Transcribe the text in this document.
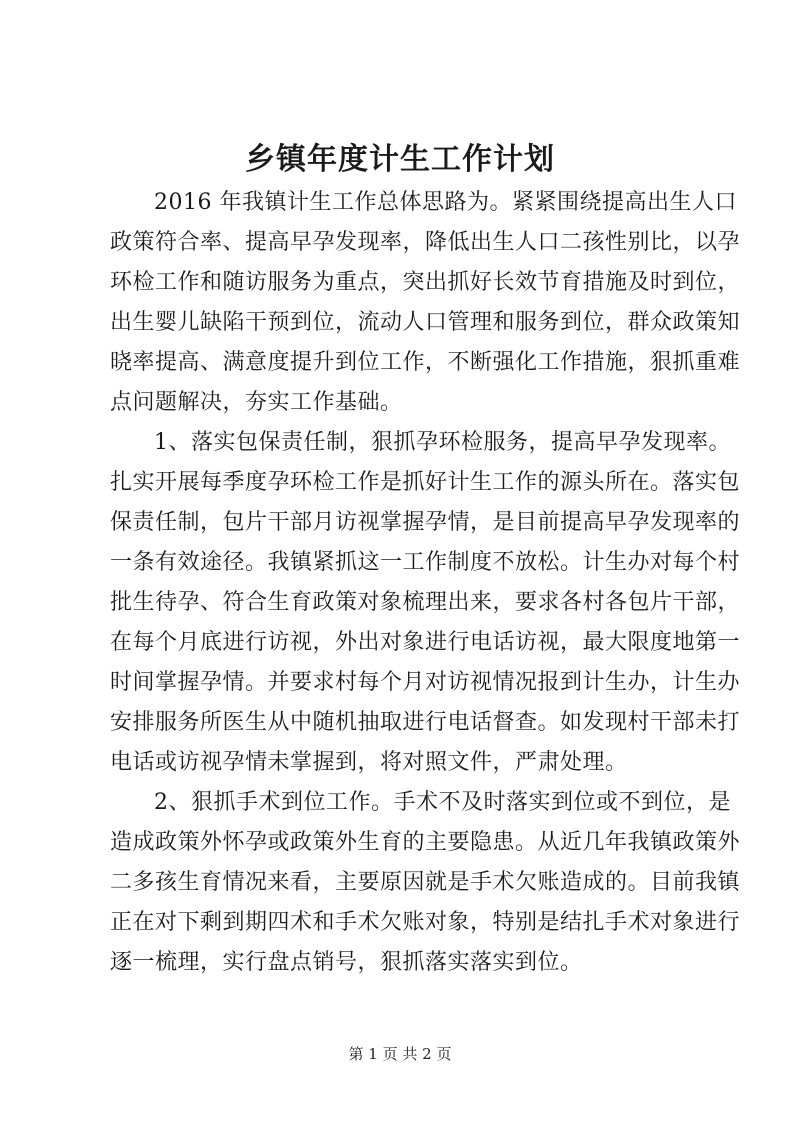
乡镇年度计生工作计划

2016 年我镇计生工作总体思路为。紧紧围绕提高出生人口
政策符合率、提高早孕发现率，降低出生人口二孩性别比，以孕
环检工作和随访服务为重点，突出抓好长效节育措施及时到位，
出生婴儿缺陷干预到位，流动人口管理和服务到位，群众政策知
晓率提高、满意度提升到位工作，不断强化工作措施，狠抓重难
点问题解决，夯实工作基础。

1、落实包保责任制，狠抓孕环检服务，提高早孕发现率。
扎实开展每季度孕环检工作是抓好计生工作的源头所在。落实包
保责任制，包片干部月访视掌握孕情，是目前提高早孕发现率的
一条有效途径。我镇紧抓这一工作制度不放松。计生办对每个村
批生待孕、符合生育政策对象梳理出来，要求各村各包片干部，
在每个月底进行访视，外出对象进行电话访视，最大限度地第一
时间掌握孕情。并要求村每个月对访视情况报到计生办，计生办
安排服务所医生从中随机抽取进行电话督查。如发现村干部未打
电话或访视孕情未掌握到，将对照文件，严肃处理。

2、狠抓手术到位工作。手术不及时落实到位或不到位，是
造成政策外怀孕或政策外生育的主要隐患。从近几年我镇政策外
二多孩生育情况来看，主要原因就是手术欠账造成的。目前我镇
正在对下剩到期四术和手术欠账对象，特别是结扎手术对象进行
逐一梳理，实行盘点销号，狠抓落实落实到位。

第 1 页 共 2 页
